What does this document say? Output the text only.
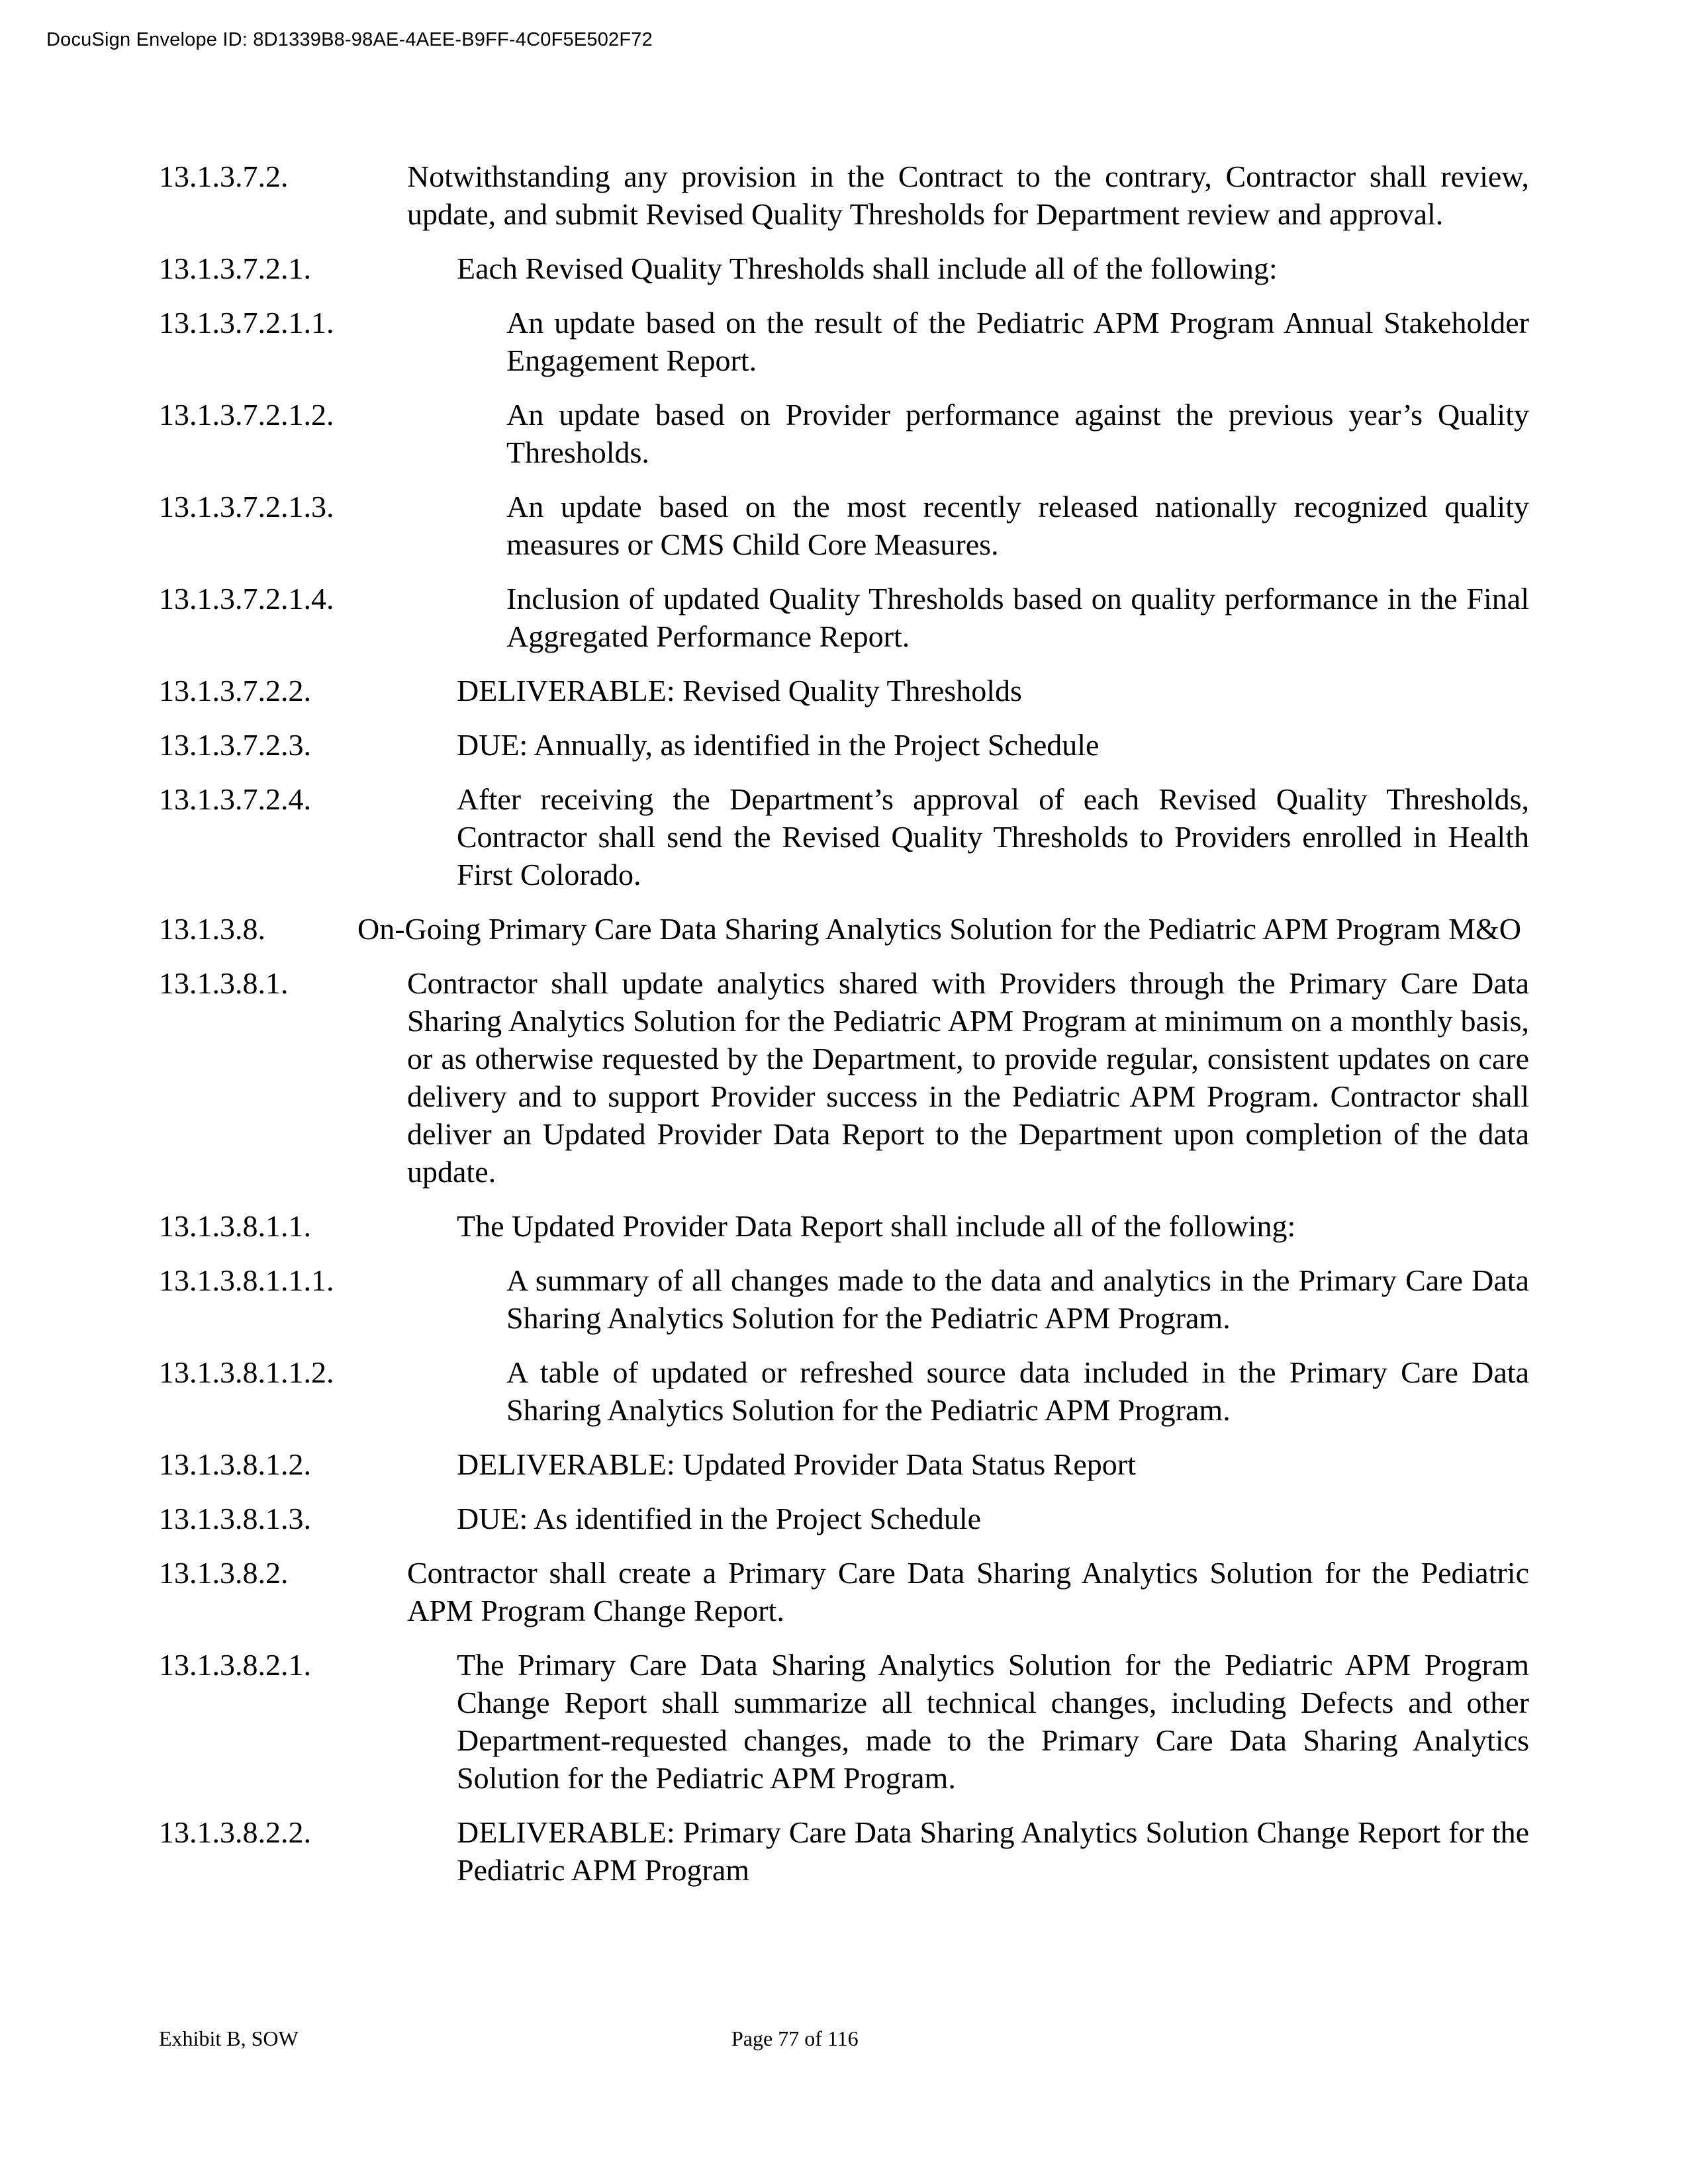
DocuSign Envelope ID: 8D1339B8-98AE-4AEE-B9FF-4C0F5E502F72
13.1.3.7.2.	Notwithstanding any provision in the Contract to the contrary, Contractor shall review, update, and submit Revised Quality Thresholds for Department review and approval.
13.1.3.7.2.1.	Each Revised Quality Thresholds shall include all of the following:
13.1.3.7.2.1.1.	An update based on the result of the Pediatric APM Program Annual Stakeholder Engagement Report.
13.1.3.7.2.1.2.	An update based on Provider performance against the previous year’s Quality Thresholds.
13.1.3.7.2.1.3.	An update based on the most recently released nationally recognized quality measures or CMS Child Core Measures.
13.1.3.7.2.1.4.	Inclusion of updated Quality Thresholds based on quality performance in the Final Aggregated Performance Report.
13.1.3.7.2.2.	DELIVERABLE: Revised Quality Thresholds
13.1.3.7.2.3.	DUE: Annually, as identified in the Project Schedule
13.1.3.7.2.4.	After receiving the Department’s approval of each Revised Quality Thresholds, Contractor shall send the Revised Quality Thresholds to Providers enrolled in Health First Colorado.
13.1.3.8.	On-Going Primary Care Data Sharing Analytics Solution for the Pediatric APM Program M&O
13.1.3.8.1.	Contractor shall update analytics shared with Providers through the Primary Care Data Sharing Analytics Solution for the Pediatric APM Program at minimum on a monthly basis, or as otherwise requested by the Department, to provide regular, consistent updates on care delivery and to support Provider success in the Pediatric APM Program. Contractor shall deliver an Updated Provider Data Report to the Department upon completion of the data update.
13.1.3.8.1.1.	The Updated Provider Data Report shall include all of the following:
13.1.3.8.1.1.1.	A summary of all changes made to the data and analytics in the Primary Care Data Sharing Analytics Solution for the Pediatric APM Program.
13.1.3.8.1.1.2.	A table of updated or refreshed source data included in the Primary Care Data Sharing Analytics Solution for the Pediatric APM Program.
13.1.3.8.1.2.	DELIVERABLE: Updated Provider Data Status Report
13.1.3.8.1.3.	DUE: As identified in the Project Schedule
13.1.3.8.2.	Contractor shall create a Primary Care Data Sharing Analytics Solution for the Pediatric APM Program Change Report.
13.1.3.8.2.1.	The Primary Care Data Sharing Analytics Solution for the Pediatric APM Program Change Report shall summarize all technical changes, including Defects and other Department-requested changes, made to the Primary Care Data Sharing Analytics Solution for the Pediatric APM Program.
13.1.3.8.2.2.	DELIVERABLE: Primary Care Data Sharing Analytics Solution Change Report for the Pediatric APM Program
Exhibit B, SOW	Page 77 of 116
